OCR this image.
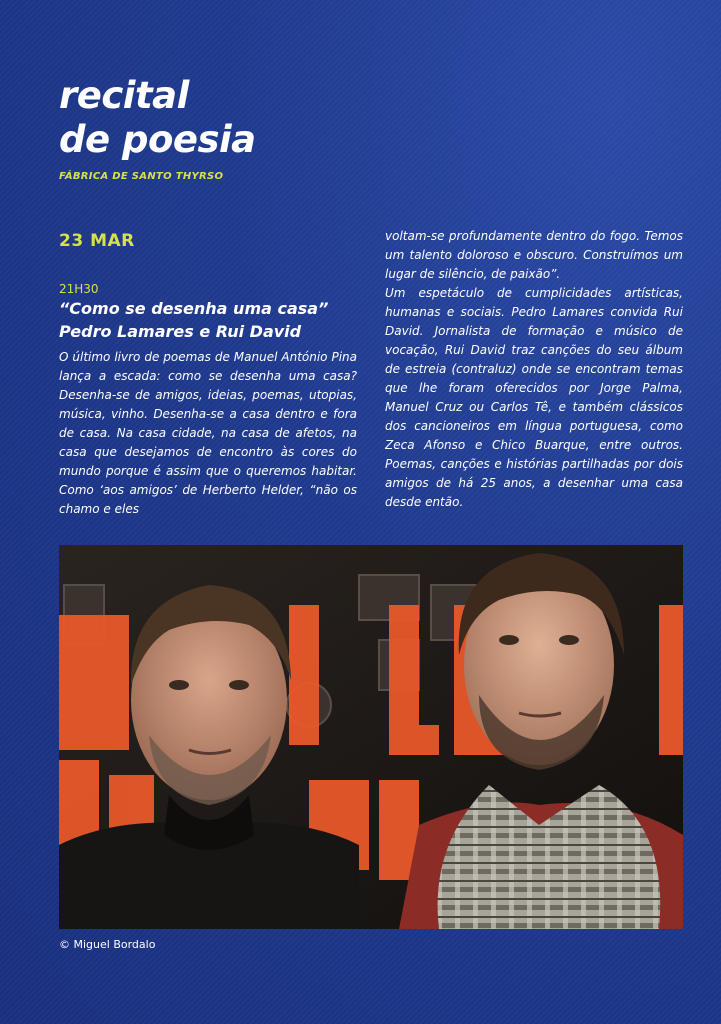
recital
de poesia
FÁBRICA DE SANTO THYRSO
23 MAR
21H30
“Como se desenha uma casa”
Pedro Lamares e Rui David

O último livro de poemas de Manuel António Pina lança a escada: como se desenha uma casa? Desenha-se de amigos, ideias, poemas, utopias, música, vinho. Desenha-se a casa dentro e fora de casa. Na casa cidade, na casa de afetos, na casa que desejamos de encontro às cores do mundo porque é assim que o queremos habitar. Como ‘aos amigos’ de Herberto Helder, “não os chamo e eles

voltam-se profundamente dentro do fogo. Temos um talento doloroso e obscuro. Construímos um lugar de silêncio, de paixão”.
Um espetáculo de cumplicidades artísticas, humanas e sociais. Pedro Lamares convida Rui David. Jornalista de formação e músico de vocação, Rui David traz canções do seu álbum de estreia (contraluz) onde se encontram temas que lhe foram oferecidos por Jorge Palma, Manuel Cruz ou Carlos Tê, e também clássicos dos cancioneiros em língua portuguesa, como Zeca Afonso e Chico Buarque, entre outros. Poemas, canções e histórias partilhadas por dois amigos de há 25 anos, a desenhar uma casa desde então.
© Miguel Bordalo
